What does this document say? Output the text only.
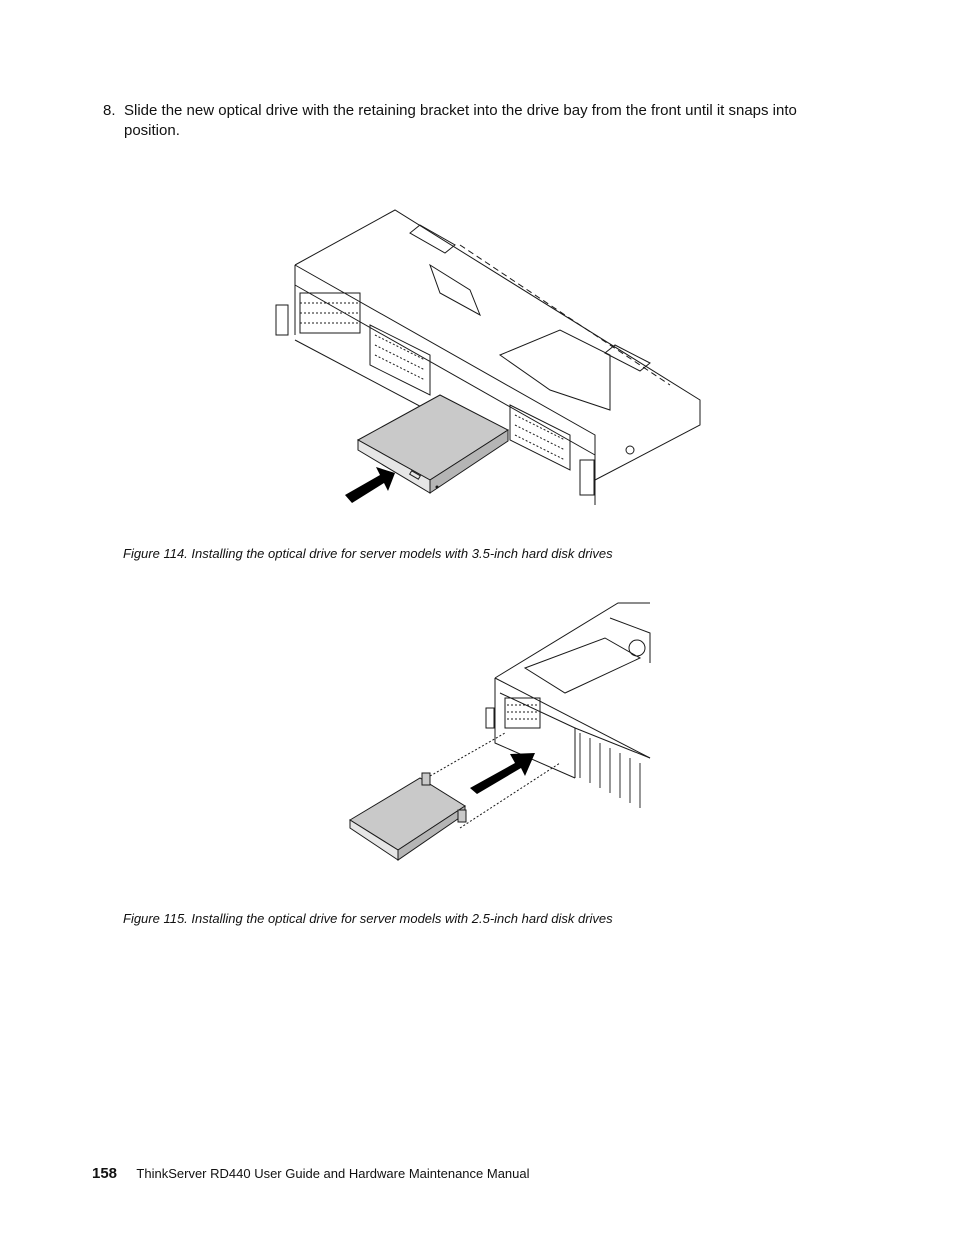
8. Slide the new optical drive with the retaining bracket into the drive bay from the front until it snaps into position.
Figure 114. Installing the optical drive for server models with 3.5-inch hard disk drives
Figure 115. Installing the optical drive for server models with 2.5-inch hard disk drives
158 ThinkServer RD440 User Guide and Hardware Maintenance Manual
